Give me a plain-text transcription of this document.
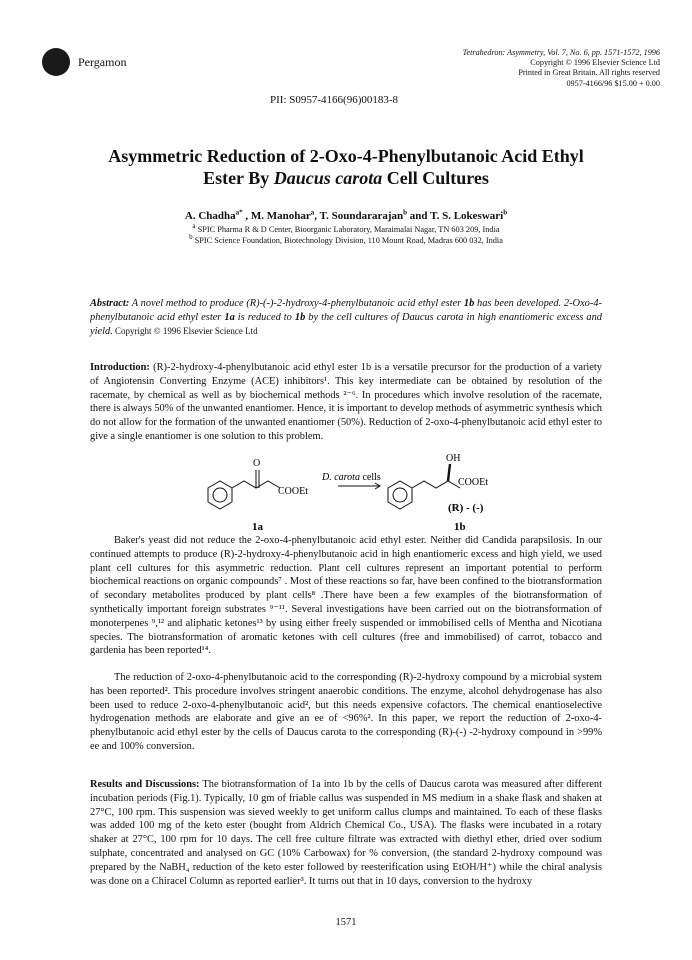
Pergamon
Tetrahedron: Asymmetry, Vol. 7, No. 6, pp. 1571-1572, 1996
Copyright © 1996 Elsevier Science Ltd
Printed in Great Britain. All rights reserved
0957-4166/96 $15.00 + 0.00
PII: S0957-4166(96)00183-8
Asymmetric Reduction of 2-Oxo-4-Phenylbutanoic Acid Ethyl
Ester By Daucus carota Cell Cultures
A. Chadha$^{a*}$ , M. Manohar$^a$, T. Soundararajan$^b$ and T. S. Lokeswari$^b$
$^a$ SPIC Pharma R & D Center, Bioorganic Laboratory, Maraimalai Nagar, TN 603 209, India
$^b$ SPIC Science Foundation, Biotechnology Division, 110 Mount Road, Madras 600 032, India
Abstract: A novel method to produce (R)-(-)-2-hydroxy-4-phenylbutanoic acid ethyl ester 1b has been developed. 2-Oxo-4-phenylbutanoic acid ethyl ester 1a is reduced to 1b by the cell cultures of Daucus carota in high enantiomeric excess and yield. Copyright © 1996 Elsevier Science Ltd
Introduction: (R)-2-hydroxy-4-phenylbutanoic acid ethyl ester 1b is a versatile precursor for the production of a variety of Angiotensin Converting Enzyme (ACE) inhibitors¹. This key intermediate can be obtained by resolution of the racemate, by chemical as well as by biochemical methods ²⁻⁶. In procedures which involve resolution of the racemate, there is always 50% of the unwanted enantiomer. Hence, it is important to develop methods of asymmetric synthesis which do not allow for the formation of the unwanted enantiomer (50%). Reduction of 2-oxo-4-phenylbutanoic acid ethyl ester to give a single enantiomer is one solution to this problem.
O
COOEt
1a
D. carota cells
OH
COOEt
(R) - (-)
1b
Baker's yeast did not reduce the 2-oxo-4-phenylbutanoic acid ethyl ester. Neither did Candida parapsilosis. In our continued attempts to produce (R)-2-hydroxy-4-phenylbutanoic acid in high enantiomeric excess and high yield, we used plant cell cultures for this asymmetric reduction. Plant cell cultures represent an important potential to perform biochemical reactions on organic compounds⁷ . Most of these reactions so far, have been confined to the biotransformation of secondary metabolites produced by plant cells⁸ .There have been a few examples of the biotransformation of synthetically important foreign substrates ⁹⁻¹¹. Several investigations have been carried out on the biotransformation of monoterpenes ⁹,¹² and aliphatic ketones¹³ by using either freely suspended or immobilised cells of Mentha and Nicotiana species. The biotransformation of aromatic ketones with cell cultures (free and immobilised) of carrot, tobacco and gardenia has been reported¹⁴.
The reduction of 2-oxo-4-phenylbutanoic acid to the corresponding (R)-2-hydroxy compound by a microbial system has been reported². This procedure involves stringent anaerobic conditions. The enzyme, alcohol dehydrogenase has also been used to reduce 2-oxo-4-phenylbutanoic acid², but this needs expensive cofactors. The chemical enantioselective hydrogenation methods are elaborate and give an ee of <96%². In this paper, we report the reduction of 2-oxo-4-phenylbutanoic acid ethyl ester by the cells of Daucus carota to the corresponding (R)-(-) -2-hydroxy compound in >99% ee and 100% conversion.
Results and Discussions: The biotransformation of 1a into 1b by the cells of Daucus carota was measured after different incubation periods (Fig.1). Typically, 10 gm of friable callus was suspended in MS medium in a shake flask and shaken at 27°C, 100 rpm. This suspension was sieved weekly to get uniform callus clumps and maintained. To each of these flasks was added 100 mg of the keto ester (bought from Aldrich Chemical Co., USA). The flasks were incubated in a rotary shaker at 27°C, 100 rpm for 10 days. The cell free culture filtrate was extracted with diethyl ether, dried over sodium sulphate, concentrated and analysed on GC (10% Carbowax) for % conversion, (the standard 2-hydroxy compound was prepared by the NaBH₄ reduction of the keto ester followed by reesterification using EtOH/H⁺) while the chiral analysis was done on a Chiracel Column as reported earlier³. It turns out that in 10 days, conversion to the hydroxy
1571
